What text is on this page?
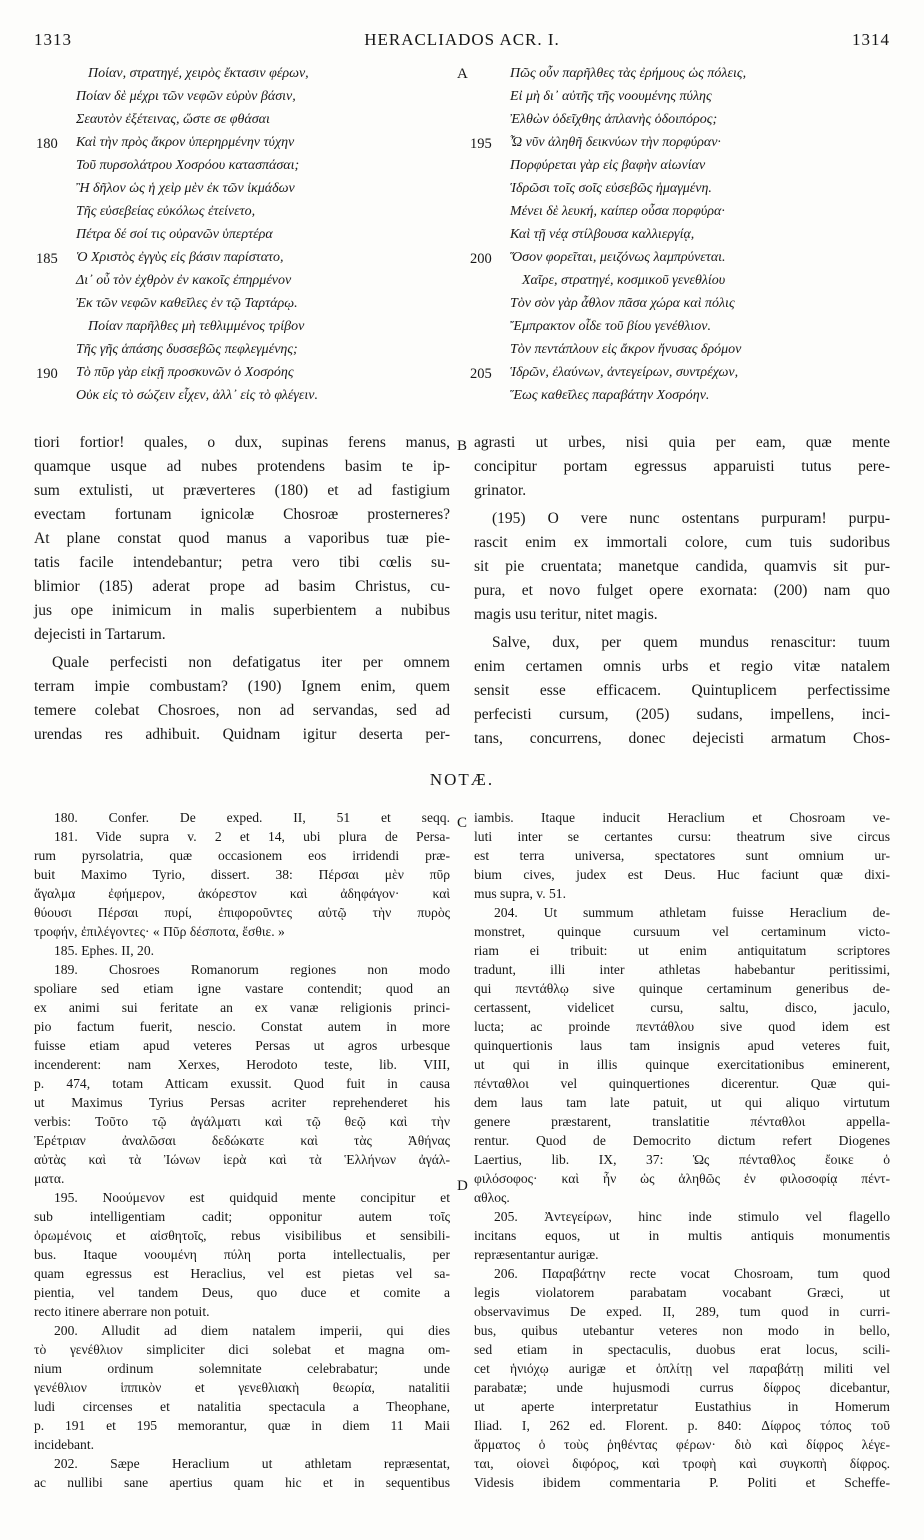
1313	HERACLIADOS ACR. I.	1314
Ποίαν, στρατηγέ, χειρὸς ἔκτασιν φέρων,
Ποίαν δὲ μέχρι τῶν νεφῶν εὐρὺν βάσιν,
Σεαυτὸν ἐξέτεινας, ὥστε σε φθάσαι
Καὶ τὴν πρὸς ἄκρον ὑπερηρμένην τύχην
Τοῦ πυρσολάτρου Χοσρόου κατασπάσαι;
Ἢ δῆλον ὡς ἡ χεὶρ μὲν ἐκ τῶν ἰκμάδων
Τῆς εὐσεβείας εὐκόλως ἐτείνετο,
Πέτρα δέ σοί τις οὐρανῶν ὑπερτέρα
Ὁ Χριστὸς ἐγγὺς εἰς βάσιν παρίστατο,
Δι᾽ οὗ τὸν ἐχθρὸν ἐν κακοῖς ἐπηρμένον
Ἐκ τῶν νεφῶν καθεῖλες ἐν τῷ Ταρτάρῳ.
Ποίαν παρῆλθες μὴ τεθλιμμένος τρίβον
Τῆς γῆς ἁπάσης δυσσεβῶς πεφλεγμένης;
Τὸ πῦρ γὰρ εἰκῇ προσκυνῶν ὁ Χοσρόης
Οὐκ εἰς τὸ σώζειν εἶχεν, ἀλλ᾽ εἰς τὸ φλέγειν.
180
185
190
Πῶς οὖν παρῆλθες τὰς ἐρήμους ὡς πόλεις,
Εἰ μὴ δι᾽ αὐτῆς τῆς νοουμένης πύλης
Ἐλθὼν ὁδεῖχθης ἀπλανὴς ὁδοιπόρος;
Ὦ νῦν ἀληθῆ δεικνύων τὴν πορφύραν·
Πορφύρεται γὰρ εἰς βαφὴν αἰωνίαν
Ἱδρῶσι τοῖς σοῖς εὐσεβῶς ἡμαγμένη.
Μένει δὲ λευκή, καίπερ οὖσα πορφύρα·
Καὶ τῇ νέᾳ στίλβουσα καλλιεργίᾳ,
Ὅσον φορεῖται, μειζόνως λαμπρύνεται.
Χαῖρε, στρατηγέ, κοσμικοῦ γενεθλίου
Τὸν σὸν γὰρ ἆθλον πᾶσα χώρα καὶ πόλις
Ἔμπρακτον οἶδε τοῦ βίου γενέθλιον.
Τὸν πεντάπλουν εἰς ἄκρον ἤνυσας δρόμον
Ἱδρῶν, ἐλαύνων, ἀντεγείρων, συντρέχων,
Ἕως καθεῖλες παραβάτην Χοσρόην.
195
200
205
A
B
C
D
tiori fortior! quales, o dux, supinas ferens manus,
quamque usque ad nubes protendens basim te ip-
sum extulisti, ut præverteres (180) et ad fastigium
evectam fortunam ignicolæ Chosroæ prosterneres?
At plane constat quod manus a vaporibus tuæ pie-
tatis facile intendebantur; petra vero tibi cœlis su-
blimior (185) aderat prope ad basim Christus, cu-
jus ope inimicum in malis superbientem a nubibus
dejecisti in Tartarum.
Quale perfecisti non defatigatus iter per omnem
terram impie combustam? (190) Ignem enim, quem
temere colebat Chosroes, non ad servandas, sed ad
urendas res adhibuit. Quidnam igitur deserta per-
agrasti ut urbes, nisi quia per eam, quæ mente
concipitur portam egressus apparuisti tutus pere-
grinator.
(195) O vere nunc ostentans purpuram! purpu-
rascit enim ex immortali colore, cum tuis sudoribus
sit pie cruentata; manetque candida, quamvis sit pur-
pura, et novo fulget opere exornata: (200) nam quo
magis usu teritur, nitet magis.
Salve, dux, per quem mundus renascitur: tuum
enim certamen omnis urbs et regio vitæ natalem
sensit esse efficacem. Quintuplicem perfectissime
perfecisti cursum, (205) sudans, impellens, inci-
tans, concurrens, donec dejecisti armatum Chos-
NOTÆ.
180. Confer. De exped. II, 51 et seqq.
181. Vide supra v. 2 et 14, ubi plura de Persa-
rum pyrsolatria, quæ occasionem eos irridendi præ-
buit Maximo Tyrio, dissert. 38: Πέρσαι μὲν πῦρ
ἄγαλμα ἐφήμερον, ἀκόρεστον καὶ ἀδηφάγον· καὶ
θύουσι Πέρσαι πυρί, ἐπιφορο‌ῦντες αὐτῷ τὴν πυρὸς
τροφήν, ἐπιλέγοντες· « Πῦρ δέσποτα, ἔσθιε. »
185. Ephes. II, 20.
189. Chosroes Romanorum regiones non modo
spoliare sed etiam igne vastare contendit; quod an
ex animi sui feritate an ex vanæ religionis princi-
pio factum fuerit, nescio. Constat autem in more
fuisse etiam apud veteres Persas ut agros urbesque
incenderent: nam Xerxes, Herodoto teste, lib. VIII,
p. 474, totam Atticam exussit. Quod fuit in causa
ut Maximus Tyrius Persas acriter reprehenderet his
verbis: Τοῦτο τῷ ἀγάλματι καὶ τῷ θεῷ καὶ τὴν
Ἐρέτριαν ἀναλῶσαι δεδώκατε καὶ τὰς Ἀθήνας
αὐτὰς καὶ τὰ Ἰώνων ἱερὰ καὶ τὰ Ἑλλήνων ἀγάλ-
ματα.
195. Νοούμενον est quidquid mente concipitur et
sub intelligentiam cadit; opponitur autem τοῖς
ὁρωμένοις et αἰσθητοῖς, rebus visibilibus et sensibili-
bus. Itaque νοουμένη πύλη porta intellectualis, per
quam egressus est Heraclius, vel est pietas vel sa-
pientia, vel tandem Deus, quo duce et comite a
recto itinere aberrare non potuit.
200. Alludit ad diem natalem imperii, qui dies
τὸ γενέθλιον simpliciter dici solebat et magna om-
nium ordinum solemnitate celebrabatur; unde
γενέθλιον ἱππικὸν et γενεθλιακὴ θεωρία, natalitii
ludi circenses et natalitia spectacula a Theophane,
p. 191 et 195 memorantur, quæ in diem 11 Maii
incidebant.
202. Sæpe Heraclium ut athletam repræsentat,
ac nullibi sane apertius quam hic et in sequentibus
iambis. Itaque inducit Heraclium et Chosroam ve-
luti inter se certantes cursu: theatrum sive circus
est terra universa, spectatores sunt omnium ur-
bium cives, judex est Deus. Huc faciunt quæ dixi-
mus supra, v. 51.
204. Ut summum athletam fuisse Heraclium de-
monstret, quinque cursuum vel certaminum victo-
riam ei tribuit: ut enim antiquitatum scriptores
tradunt, illi inter athletas habebantur peritissimi,
qui πεντάθλῳ sive quinque certaminum generibus de-
certassent, videlicet cursu, saltu, disco, jaculo,
lucta; ac proinde πεντάθλου sive quod idem est
quinquertionis laus tam insignis apud veteres fuit,
ut qui in illis quinque exercitationibus eminerent,
πένταθλοι vel quinquertiones dicerentur. Quæ qui-
dem laus tam late patuit, ut qui aliquo virtutum
genere præstarent, translatitie πένταθλοι appella-
rentur. Quod de Democrito dictum refert Diogenes
Laertius, lib. IX, 37: Ὡς πένταθλος ἔοικε ὁ
φιλόσοφος· καὶ ἦν ὡς ἀληθῶς ἐν φιλοσοφίᾳ πέντ-
αθλος.
205. Ἀντεγείρων, hinc inde stimulo vel flagello
incitans equos, ut in multis antiquis monumentis
repræsentantur aurigæ.
206. Παραβάτην recte vocat Chosroam, tum quod
legis violatorem parabatam vocabant Græci, ut
observavimus De exped. II, 289, tum quod in curri-
bus, quibus utebantur veteres non modo in bello,
sed etiam in spectaculis, duobus erat locus, scili-
cet ἡνιόχῳ aurigæ et ὁπλίτῃ vel παραβάτῃ militi vel
parabatæ; unde hujusmodi currus δίφρος dicebantur,
ut aperte interpretatur Eustathius in Homerum
Iliad. I, 262 ed. Florent. p. 840: Δίφρος τόπος τοῦ
ἅρματος ὁ τοὺς ῥηθέντας φέρων· διὸ καὶ δίφρος λέγε-
ται, οἱονεὶ διφόρος, καὶ τροφὴ καὶ συγκοπὴ δίφρος.
Videsis ibidem commentaria P. Politi et Scheffe-
